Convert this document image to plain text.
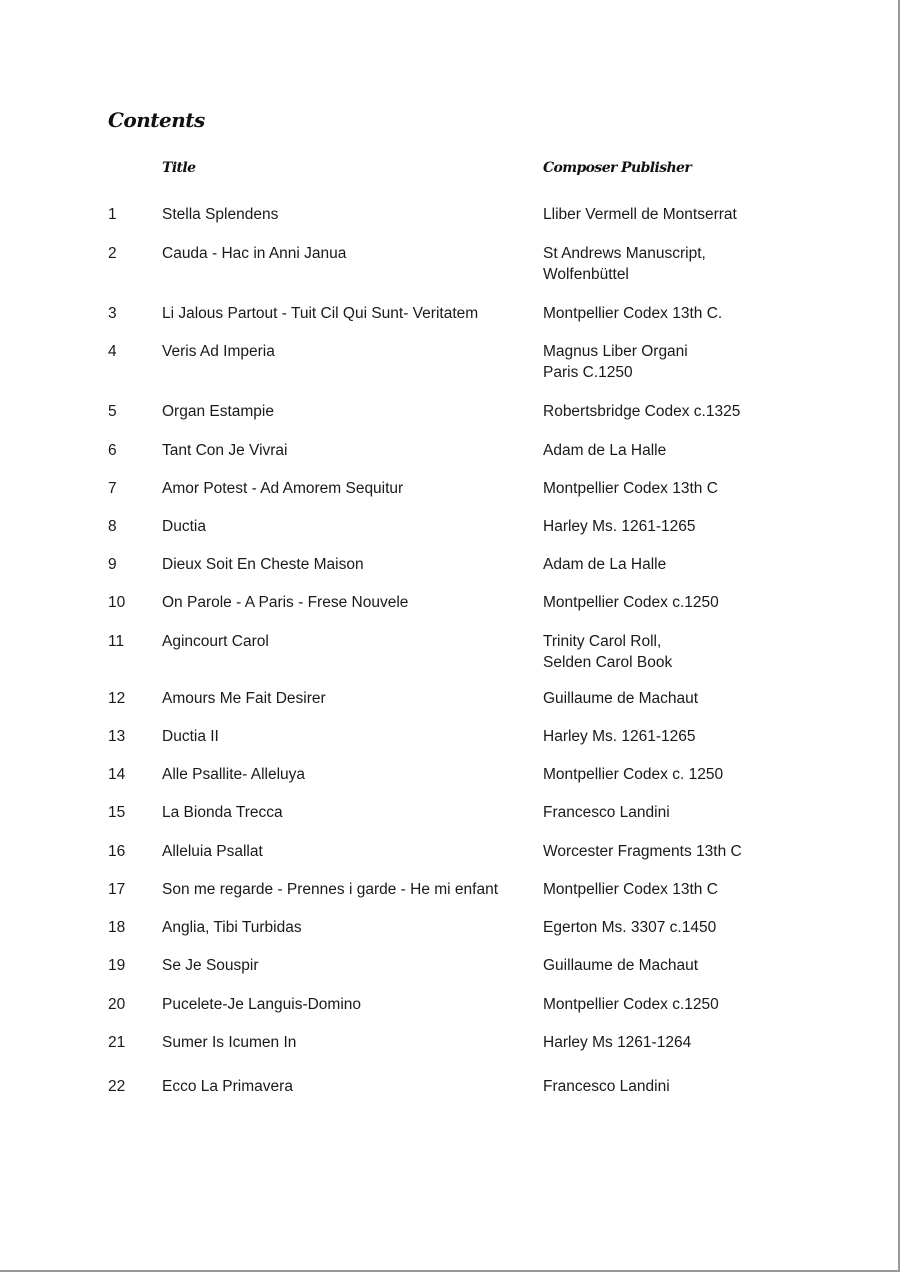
Contents
Title	Composer Publisher
1	Stella Splendens	Lliber Vermell de Montserrat
2	Cauda - Hac in Anni Janua	St Andrews Manuscript,
Wolfenbüttel
3	Li Jalous Partout - Tuit Cil Qui Sunt- Veritatem	Montpellier Codex 13th C.
4	Veris Ad Imperia	Magnus Liber Organi
Paris C.1250
5	Organ Estampie	Robertsbridge Codex c.1325
6	Tant Con Je Vivrai	Adam de La Halle
7	Amor Potest - Ad Amorem Sequitur	Montpellier Codex 13th C
8	Ductia	Harley Ms. 1261-1265
9	Dieux Soit En Cheste Maison	Adam de La Halle
10 On Parole - A Paris - Frese Nouvele	Montpellier Codex c.1250
11 Agincourt Carol	Trinity Carol Roll,
Selden Carol Book
12 Amours Me Fait Desirer	Guillaume de Machaut
13 Ductia II	Harley Ms. 1261-1265
14 Alle Psallite- Alleluya	Montpellier Codex c. 1250
15 La Bionda Trecca	Francesco Landini
16 Alleluia Psallat	Worcester Fragments 13th C
17 Son me regarde - Prennes i garde - He mi enfant	Montpellier Codex 13th C
18 Anglia, Tibi Turbidas	Egerton Ms. 3307 c.1450
19 Se Je Souspir	Guillaume de Machaut
20 Pucelete-Je Languis-Domino	Montpellier Codex c.1250
21 Sumer Is Icumen In	Harley Ms 1261-1264
22 Ecco La Primavera	Francesco Landini
